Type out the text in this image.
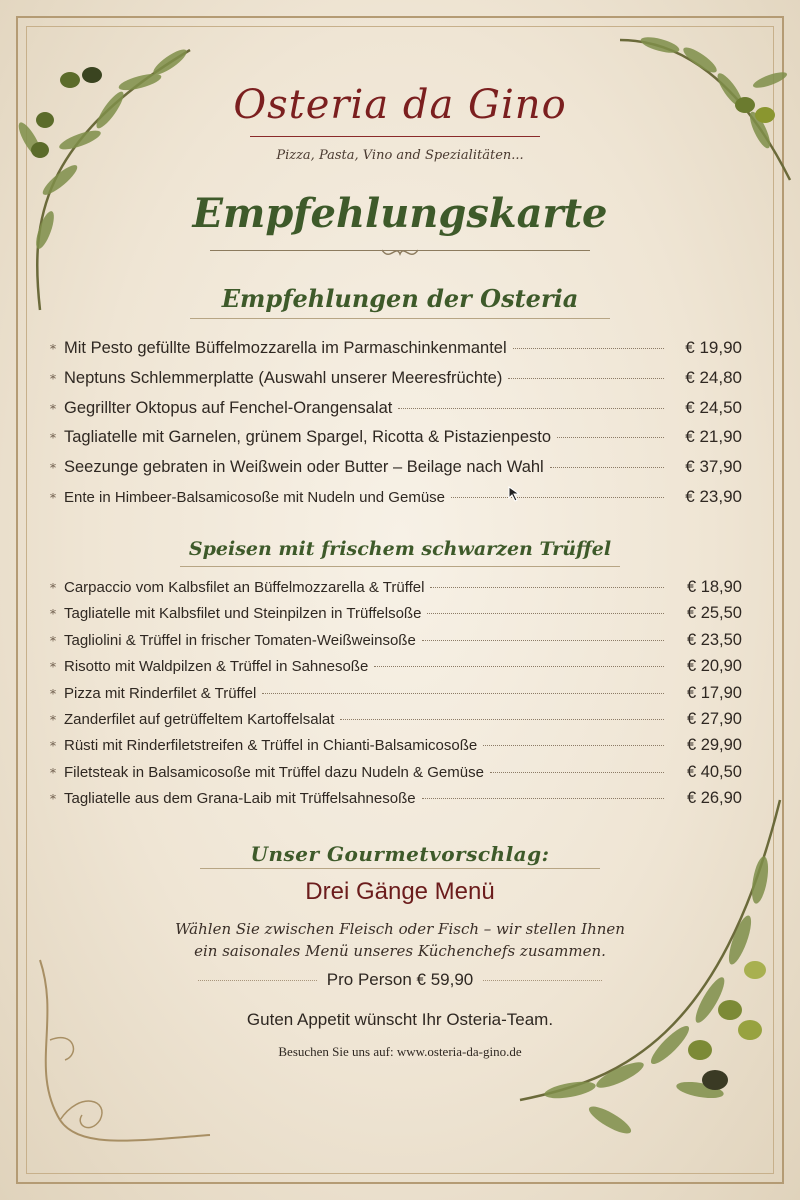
Osteria da Gino
Pizza, Pasta, Vino and Spezialitäten...
Empfehlungskarte
Empfehlungen der Osteria
* Mit Pesto gefüllte Büffelmozzarella im Parmaschinkenmantel	€ 19,90
* Neptuns Schlemmerplatte (Auswahl unserer Meeresfrüchte)	€ 24,80
* Gegrillter Oktopus auf Fenchel-Orangensalat	€ 24,50
* Tagliatelle mit Garnelen, grünem Spargel, Ricotta & Pistazienpesto	€ 21,90
* Seezunge gebraten in Weißwein oder Butter – Beilage nach Wahl	€ 37,90
* Ente in Himbeer-Balsamicosoße mit Nudeln und Gemüse	€ 23,90
Speisen mit frischem schwarzen Trüffel
* Carpaccio vom Kalbsfilet an Büffelmozzarella & Trüffel	€ 18,90
* Tagliatelle mit Kalbsfilet und Steinpilzen in Trüffelsoße	€ 25,50
* Tagliolini & Trüffel in frischer Tomaten-Weißweinsoße	€ 23,50
* Risotto mit Waldpilzen & Trüffel in Sahnesoße	€ 20,90
* Pizza mit Rinderfilet & Trüffel	€ 17,90
* Zanderfilet auf getrüffeltem Kartoffelsalat	€ 27,90
* Rüsti mit Rinderfiletstreifen & Trüffel in Chianti-Balsamicosoße	€ 29,90
* Filetsteak in Balsamicosoße mit Trüffel dazu Nudeln & Gemüse	€ 40,50
* Tagliatelle aus dem Grana-Laib mit Trüffelsahnesoße	€ 26,90
Unser Gourmetvorschlag:
Drei Gänge Menü
Wählen Sie zwischen Fleisch oder Fisch – wir stellen Ihnen
ein saisonales Menü unseres Küchenchefs zusammen.
Pro Person € 59,90
Guten Appetit wünscht Ihr Osteria-Team.
Besuchen Sie uns auf: www.osteria-da-gino.de
